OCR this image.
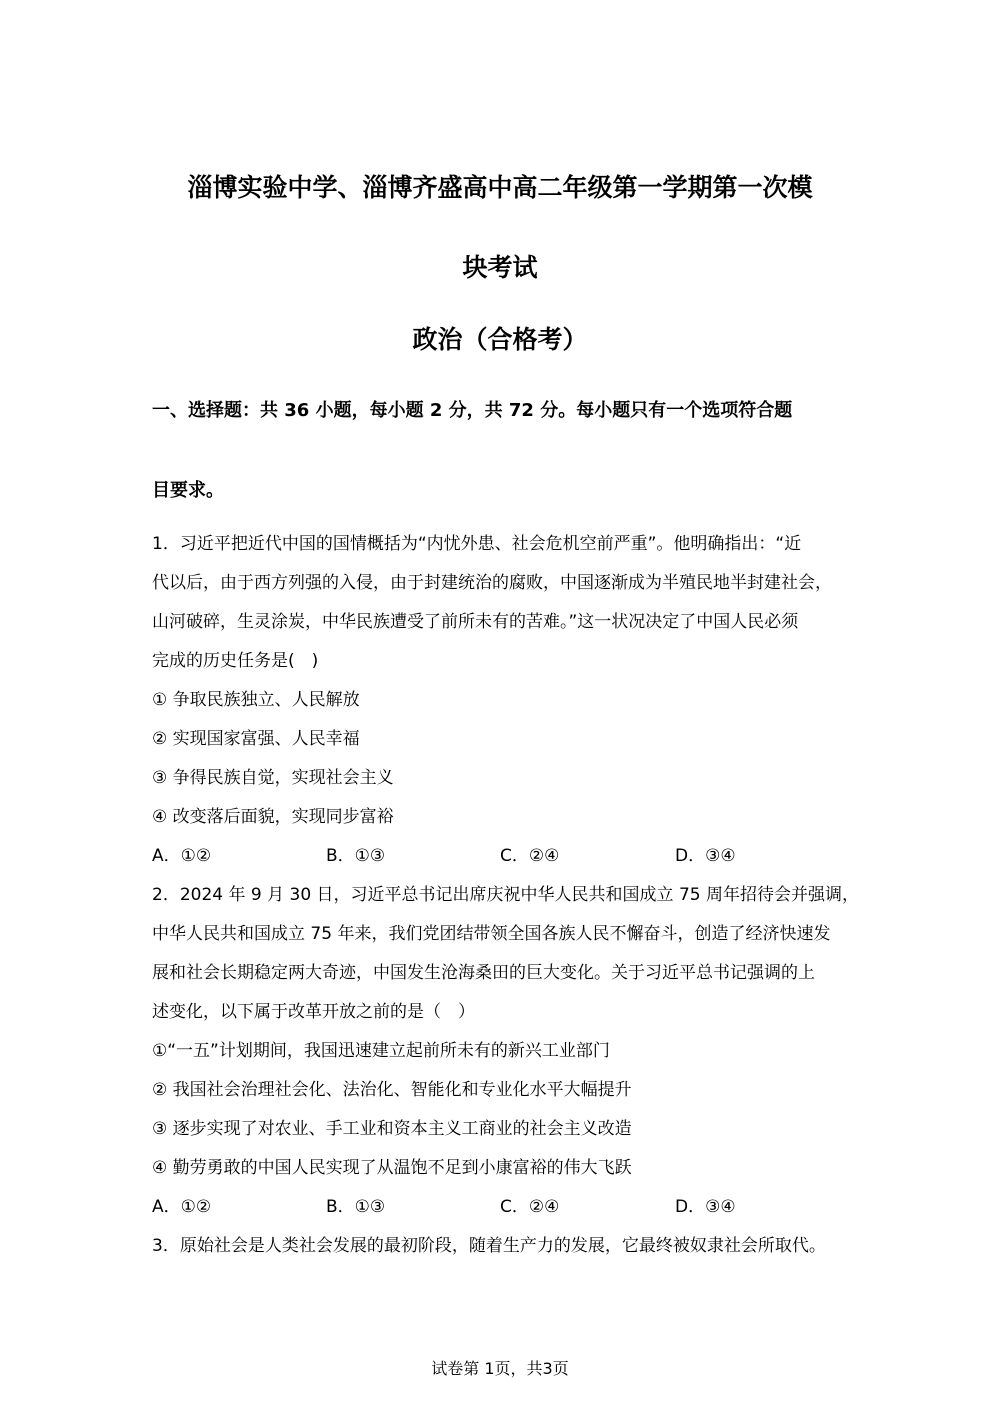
淄博实验中学、淄博齐盛高中高二年级第一学期第一次模
块考试
政治（合格考）
一、选择题：共 36 小题，每小题 2 分，共 72 分。每小题只有一个选项符合题
目要求。
1．习近平把近代中国的国情概括为“内忧外患、社会危机空前严重”。他明确指出：“近
代以后，由于西方列强的入侵，由于封建统治的腐败，中国逐渐成为半殖民地半封建社会，
山河破碎，生灵涂炭，中华民族遭受了前所未有的苦难。”这一状况决定了中国人民必须
完成的历史任务是(　)
① 争取民族独立、人民解放
② 实现国家富强、人民幸福
③ 争得民族自觉，实现社会主义
④ 改变落后面貌，实现同步富裕
A．①②	B．①③	C．②④	D．③④
2．2024 年 9 月 30 日，习近平总书记出席庆祝中华人民共和国成立 75 周年招待会并强调，
中华人民共和国成立 75 年来，我们党团结带领全国各族人民不懈奋斗，创造了经济快速发
展和社会长期稳定两大奇迹，中国发生沧海桑田的巨大变化。关于习近平总书记强调的上
述变化，以下属于改革开放之前的是（　）
①“一五”计划期间，我国迅速建立起前所未有的新兴工业部门
② 我国社会治理社会化、法治化、智能化和专业化水平大幅提升
③ 逐步实现了对农业、手工业和资本主义工商业的社会主义改造
④ 勤劳勇敢的中国人民实现了从温饱不足到小康富裕的伟大飞跃
A．①②	B．①③	C．②④	D．③④
3．原始社会是人类社会发展的最初阶段，随着生产力的发展，它最终被奴隶社会所取代。
试卷第 1页，共3页
